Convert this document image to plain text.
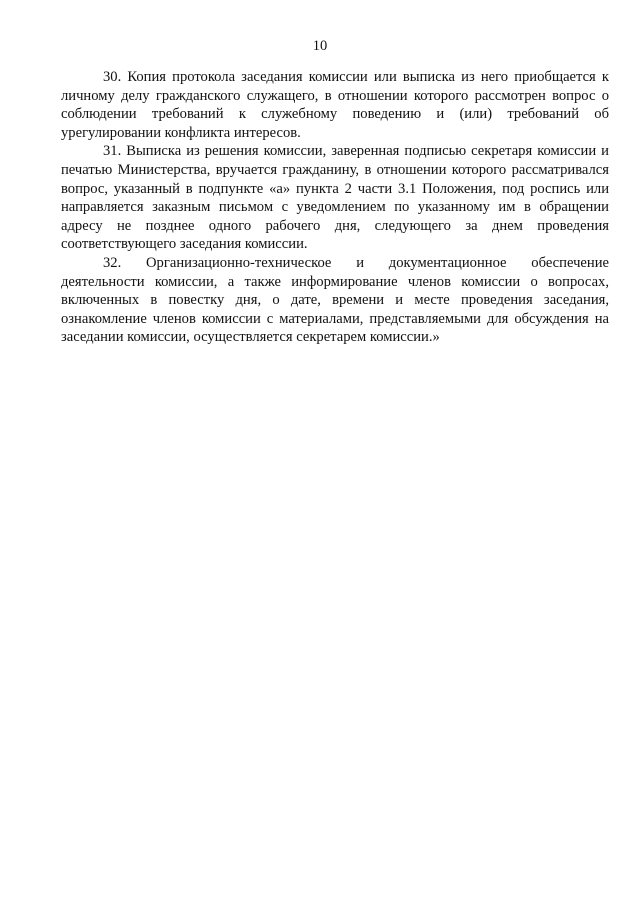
10

30. Копия протокола заседания комиссии или выписка из него приобщается к личному делу гражданского служащего, в отношении которого рассмотрен вопрос о соблюдении требований к служебному поведению и (или) требований об урегулировании конфликта интересов.

31. Выписка из решения комиссии, заверенная подписью секретаря комиссии и печатью Министерства, вручается гражданину, в отношении которого рассматривался вопрос, указанный в подпункте «а» пункта 2 части 3.1 Положения, под роспись или направляется заказным письмом с уведомлением по указанному им в обращении адресу не позднее одного рабочего дня, следующего за днем проведения соответствующего заседания комиссии.

32. Организационно-техническое и документационное обеспечение деятельности комиссии, а также информирование членов комиссии о вопросах, включенных в повестку дня, о дате, времени и месте проведения заседания, ознакомление членов комиссии с материалами, представляемыми для обсуждения на заседании комиссии, осуществляется секретарем комиссии.»
